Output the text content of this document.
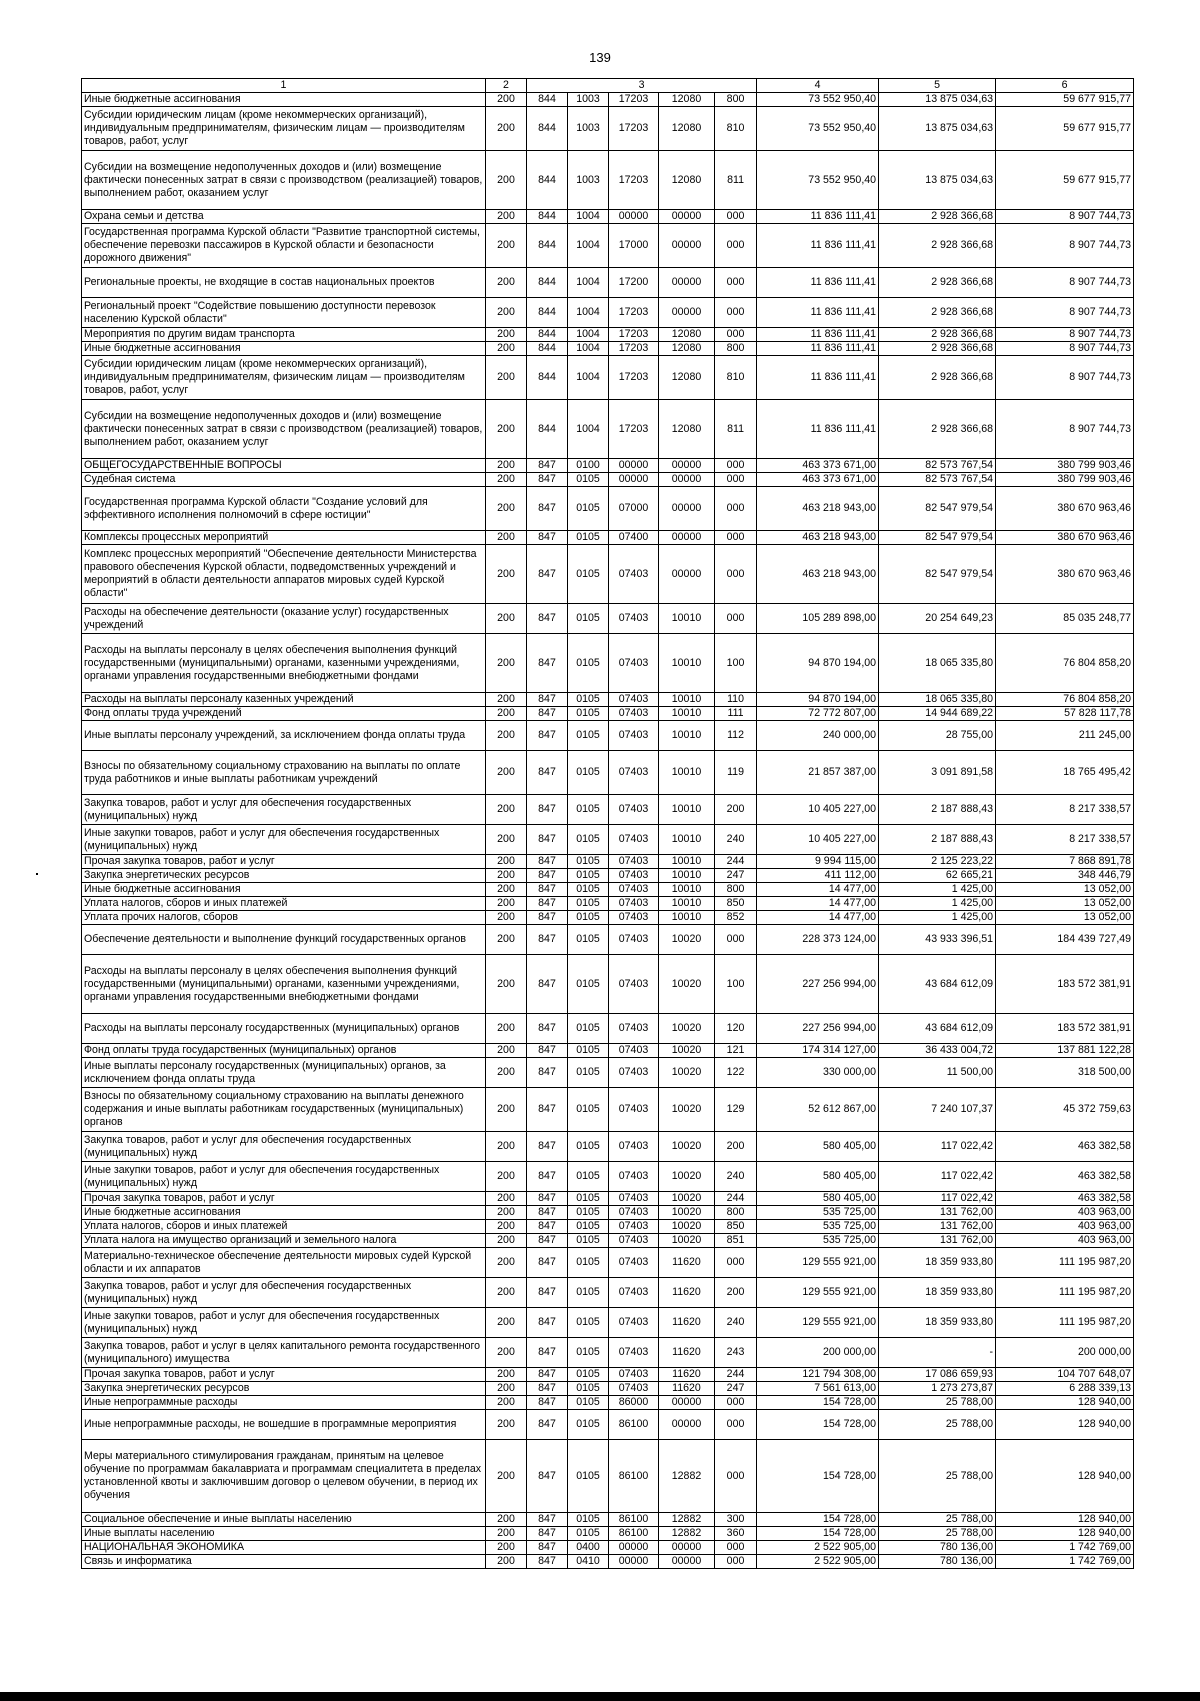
139
1	2	3					4	5	6
Иные бюджетные ассигнования	200	844	1003	17203	12080	800	73 552 950,40	13 875 034,63	59 677 915,77
Субсидии юридическим лицам (кроме некоммерческих организаций), индивидуальным предпринимателям, физическим лицам — производителям товаров, работ, услуг	200	844	1003	17203	12080	810	73 552 950,40	13 875 034,63	59 677 915,77
Субсидии на возмещение недополученных доходов и (или) возмещение фактически понесенных затрат в связи с производством (реализацией) товаров, выполнением работ, оказанием услуг	200	844	1003	17203	12080	811	73 552 950,40	13 875 034,63	59 677 915,77
Охрана семьи и детства	200	844	1004	00000	00000	000	11 836 111,41	2 928 366,68	8 907 744,73
Государственная программа Курской области "Развитие транспортной системы, обеспечение перевозки пассажиров в Курской области и безопасности дорожного движения"	200	844	1004	17000	00000	000	11 836 111,41	2 928 366,68	8 907 744,73
Региональные проекты, не входящие в состав национальных проектов	200	844	1004	17200	00000	000	11 836 111,41	2 928 366,68	8 907 744,73
Региональный проект "Содействие повышению доступности перевозок населению Курской области"	200	844	1004	17203	00000	000	11 836 111,41	2 928 366,68	8 907 744,73
Мероприятия по другим видам транспорта	200	844	1004	17203	12080	000	11 836 111,41	2 928 366,68	8 907 744,73
Иные бюджетные ассигнования	200	844	1004	17203	12080	800	11 836 111,41	2 928 366,68	8 907 744,73
Субсидии юридическим лицам (кроме некоммерческих организаций), индивидуальным предпринимателям, физическим лицам — производителям товаров, работ, услуг	200	844	1004	17203	12080	810	11 836 111,41	2 928 366,68	8 907 744,73
Субсидии на возмещение недополученных доходов и (или) возмещение фактически понесенных затрат в связи с производством (реализацией) товаров, выполнением работ, оказанием услуг	200	844	1004	17203	12080	811	11 836 111,41	2 928 366,68	8 907 744,73
ОБЩЕГОСУДАРСТВЕННЫЕ ВОПРОСЫ	200	847	0100	00000	00000	000	463 373 671,00	82 573 767,54	380 799 903,46
Судебная система	200	847	0105	00000	00000	000	463 373 671,00	82 573 767,54	380 799 903,46
Государственная программа Курской области "Создание условий для эффективного исполнения полномочий в сфере юстиции"	200	847	0105	07000	00000	000	463 218 943,00	82 547 979,54	380 670 963,46
Комплексы процессных мероприятий	200	847	0105	07400	00000	000	463 218 943,00	82 547 979,54	380 670 963,46
Комплекс процессных мероприятий "Обеспечение деятельности Министерства правового обеспечения Курской области, подведомственных учреждений и мероприятий в области деятельности аппаратов мировых судей Курской области"	200	847	0105	07403	00000	000	463 218 943,00	82 547 979,54	380 670 963,46
Расходы на обеспечение деятельности (оказание услуг) государственных учреждений	200	847	0105	07403	10010	000	105 289 898,00	20 254 649,23	85 035 248,77
Расходы на выплаты персоналу в целях обеспечения выполнения функций государственными (муниципальными) органами, казенными учреждениями, органами управления государственными внебюджетными фондами	200	847	0105	07403	10010	100	94 870 194,00	18 065 335,80	76 804 858,20
Расходы на выплаты персоналу казенных учреждений	200	847	0105	07403	10010	110	94 870 194,00	18 065 335,80	76 804 858,20
Фонд оплаты труда учреждений	200	847	0105	07403	10010	111	72 772 807,00	14 944 689,22	57 828 117,78
Иные выплаты персоналу учреждений, за исключением фонда оплаты труда	200	847	0105	07403	10010	112	240 000,00	28 755,00	211 245,00
Взносы по обязательному социальному страхованию на выплаты по оплате труда работников и иные выплаты работникам учреждений	200	847	0105	07403	10010	119	21 857 387,00	3 091 891,58	18 765 495,42
Закупка товаров, работ и услуг для обеспечения государственных (муниципальных) нужд	200	847	0105	07403	10010	200	10 405 227,00	2 187 888,43	8 217 338,57
Иные закупки товаров, работ и услуг для обеспечения государственных (муниципальных) нужд	200	847	0105	07403	10010	240	10 405 227,00	2 187 888,43	8 217 338,57
Прочая закупка товаров, работ и услуг	200	847	0105	07403	10010	244	9 994 115,00	2 125 223,22	7 868 891,78
Закупка энергетических ресурсов	200	847	0105	07403	10010	247	411 112,00	62 665,21	348 446,79
Иные бюджетные ассигнования	200	847	0105	07403	10010	800	14 477,00	1 425,00	13 052,00
Уплата налогов, сборов и иных платежей	200	847	0105	07403	10010	850	14 477,00	1 425,00	13 052,00
Уплата прочих налогов, сборов	200	847	0105	07403	10010	852	14 477,00	1 425,00	13 052,00
Обеспечение деятельности и выполнение функций государственных органов	200	847	0105	07403	10020	000	228 373 124,00	43 933 396,51	184 439 727,49
Расходы на выплаты персоналу в целях обеспечения выполнения функций государственными (муниципальными) органами, казенными учреждениями, органами управления государственными внебюджетными фондами	200	847	0105	07403	10020	100	227 256 994,00	43 684 612,09	183 572 381,91
Расходы на выплаты персоналу государственных (муниципальных) органов	200	847	0105	07403	10020	120	227 256 994,00	43 684 612,09	183 572 381,91
Фонд оплаты труда государственных (муниципальных) органов	200	847	0105	07403	10020	121	174 314 127,00	36 433 004,72	137 881 122,28
Иные выплаты персоналу государственных (муниципальных) органов, за исключением фонда оплаты труда	200	847	0105	07403	10020	122	330 000,00	11 500,00	318 500,00
Взносы по обязательному социальному страхованию на выплаты денежного содержания и иные выплаты работникам государственных (муниципальных) органов	200	847	0105	07403	10020	129	52 612 867,00	7 240 107,37	45 372 759,63
Закупка товаров, работ и услуг для обеспечения государственных (муниципальных) нужд	200	847	0105	07403	10020	200	580 405,00	117 022,42	463 382,58
Иные закупки товаров, работ и услуг для обеспечения государственных (муниципальных) нужд	200	847	0105	07403	10020	240	580 405,00	117 022,42	463 382,58
Прочая закупка товаров, работ и услуг	200	847	0105	07403	10020	244	580 405,00	117 022,42	463 382,58
Иные бюджетные ассигнования	200	847	0105	07403	10020	800	535 725,00	131 762,00	403 963,00
Уплата налогов, сборов и иных платежей	200	847	0105	07403	10020	850	535 725,00	131 762,00	403 963,00
Уплата налога на имущество организаций и земельного налога	200	847	0105	07403	10020	851	535 725,00	131 762,00	403 963,00
Материально-техническое обеспечение деятельности мировых судей Курской области и их аппаратов	200	847	0105	07403	11620	000	129 555 921,00	18 359 933,80	111 195 987,20
Закупка товаров, работ и услуг для обеспечения государственных (муниципальных) нужд	200	847	0105	07403	11620	200	129 555 921,00	18 359 933,80	111 195 987,20
Иные закупки товаров, работ и услуг для обеспечения государственных (муниципальных) нужд	200	847	0105	07403	11620	240	129 555 921,00	18 359 933,80	111 195 987,20
Закупка товаров, работ и услуг в целях капитального ремонта государственного (муниципального) имущества	200	847	0105	07403	11620	243	200 000,00	-	200 000,00
Прочая закупка товаров, работ и услуг	200	847	0105	07403	11620	244	121 794 308,00	17 086 659,93	104 707 648,07
Закупка энергетических ресурсов	200	847	0105	07403	11620	247	7 561 613,00	1 273 273,87	6 288 339,13
Иные непрограммные расходы	200	847	0105	86000	00000	000	154 728,00	25 788,00	128 940,00
Иные непрограммные расходы, не вошедшие в программные мероприятия	200	847	0105	86100	00000	000	154 728,00	25 788,00	128 940,00
Меры материального стимулирования гражданам, принятым на целевое обучение по программам бакалавриата и программам специалитета в пределах установленной квоты и заключившим договор о целевом обучении, в период их обучения	200	847	0105	86100	12882	000	154 728,00	25 788,00	128 940,00
Социальное обеспечение и иные выплаты населению	200	847	0105	86100	12882	300	154 728,00	25 788,00	128 940,00
Иные выплаты населению	200	847	0105	86100	12882	360	154 728,00	25 788,00	128 940,00
НАЦИОНАЛЬНАЯ ЭКОНОМИКА	200	847	0400	00000	00000	000	2 522 905,00	780 136,00	1 742 769,00
Связь и информатика	200	847	0410	00000	00000	000	2 522 905,00	780 136,00	1 742 769,00
